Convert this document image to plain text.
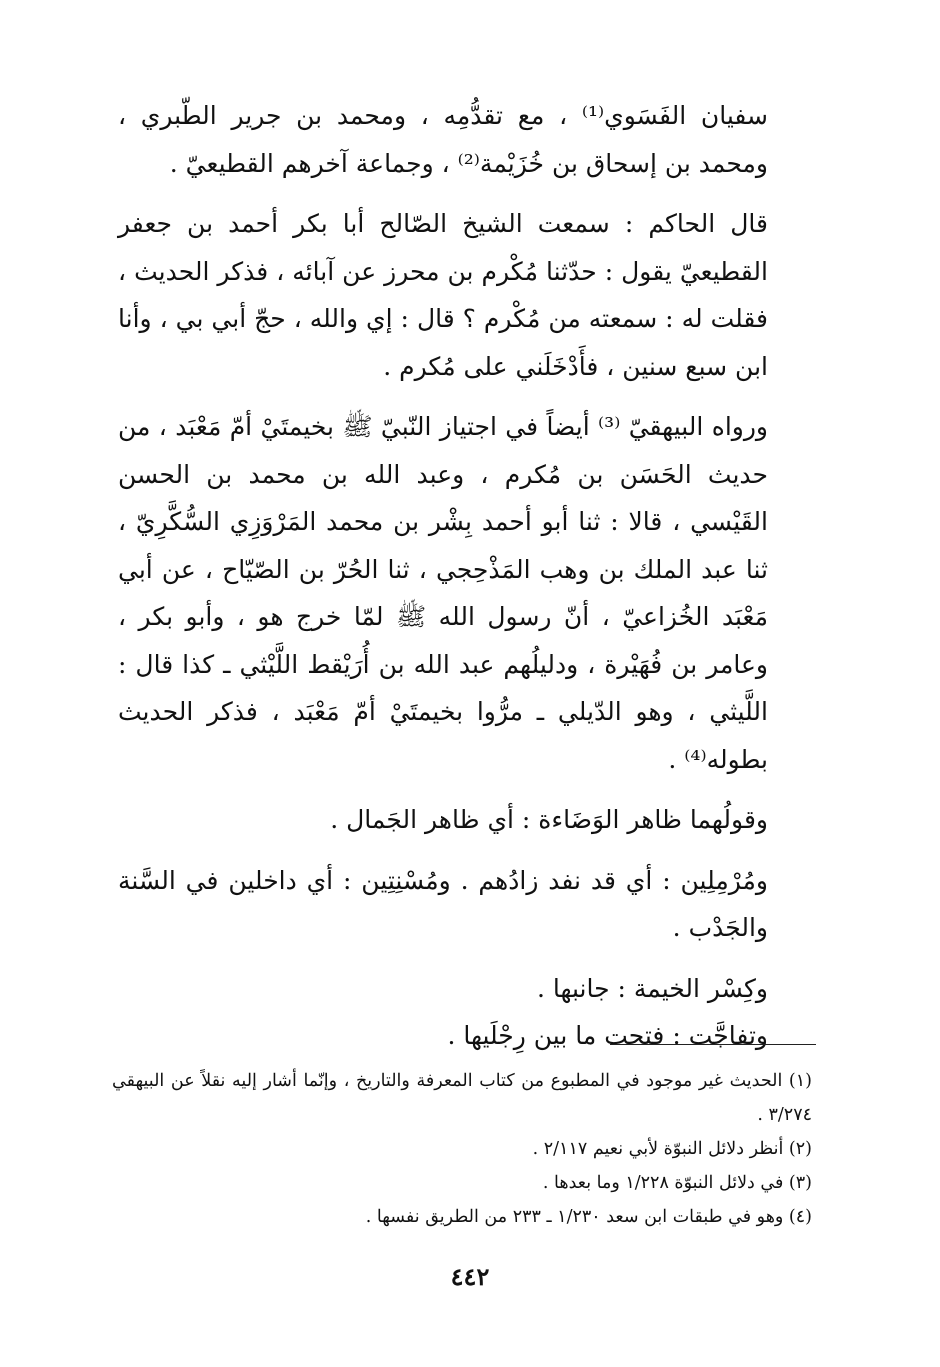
سفيان الفَسَوي⁽¹⁾ ، مع تقدُّمِه ، ومحمد بن جرير الطّبري ، ومحمد بن إسحاق بن خُزَيْمة⁽²⁾ ، وجماعة آخرهم القطيعيّ .

قال الحاكم : سمعت الشيخ الصّالح أبا بكر أحمد بن جعفر القطيعيّ يقول : حدّثنا مُكْرم بن محرز عن آبائه ، فذكر الحديث ، فقلت له : سمعته من مُكْرم ؟ قال : إي والله ، حجّ أبي بي ، وأنا ابن سبع سنين ، فأَدْخَلَني على مُكرم .

ورواه البيهقيّ ⁽³⁾ أيضاً في اجتياز النّبيّ ﷺ بخيمتَيْ أمّ مَعْبَد ، من حديث الحَسَن بن مُكرم ، وعبد الله بن محمد بن الحسن القَيْسي ، قالا : ثنا أبو أحمد بِشْر بن محمد المَرْوَزِي السُّكَّرِيّ ، ثنا عبد الملك بن وهب المَذْحِجي ، ثنا الحُرّ بن الصّيّاح ، عن أبي مَعْبَد الخُزاعيّ ، أنّ رسول الله ﷺ لمّا خرج هو ، وأبو بكر ، وعامر بن فُهَيْرة ، ودليلُهم عبد الله بن أُرَيْقط اللَّيْثي ـ كذا قال : اللَّيثي ، وهو الدّيلي ـ مرُّوا بخيمتَيْ أمّ مَعْبَد ، فذكر الحديث بطوله⁽⁴⁾ .

وقولُهما ظاهر الوَضَاءة : أي ظاهر الجَمال .

ومُرْمِلِين : أي قد نفد زادُهم . ومُسْنِتِين : أي داخلين في السَّنة والجَدْب .

وكِسْر الخيمة : جانبها .

وتفاجَّت : فتحت ما بين رِجْلَيها .

(١) الحديث غير موجود في المطبوع من كتاب المعرفة والتاريخ ، وإنّما أشار إليه نقلاً عن البيهقي ٣/٢٧٤ .

(٢) أنظر دلائل النبوّة لأبي نعيم ٢/١١٧ .

(٣) في دلائل النبوّة ١/٢٢٨ وما بعدها .

(٤) وهو في طبقات ابن سعد ١/٢٣٠ ـ ٢٣٣ من الطريق نفسها .

٤٤٢
